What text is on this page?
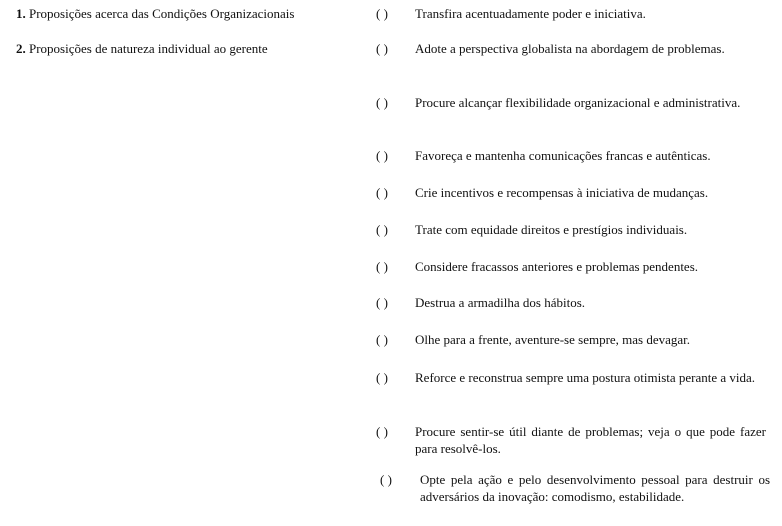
1. Proposições acerca das Condições Organizacionais
2. Proposições de natureza individual ao gerente
( )	Transfira acentuadamente poder e iniciativa.
( )	Adote a perspectiva globalista na abordagem de problemas.
( )	Procure alcançar flexibilidade organizacional e administrativa.
( )	Favoreça e mantenha comunicações francas e autênticas.
( )	Crie incentivos e recompensas à iniciativa de mudanças.
( )	Trate com equidade direitos e prestígios individuais.
( )	Considere fracassos anteriores e problemas pendentes.
( )	Destrua a armadilha dos hábitos.
( )	Olhe para a frente, aventure-se sempre, mas devagar.
( )	Reforce e reconstrua sempre uma postura otimista perante a vida.
( )	Procure sentir-se útil diante de problemas; veja o que pode fazer para resolvê-los.
( )	Opte pela ação e pelo desenvolvimento pessoal para destruir os adversários da inovação: comodismo, estabilidade.
